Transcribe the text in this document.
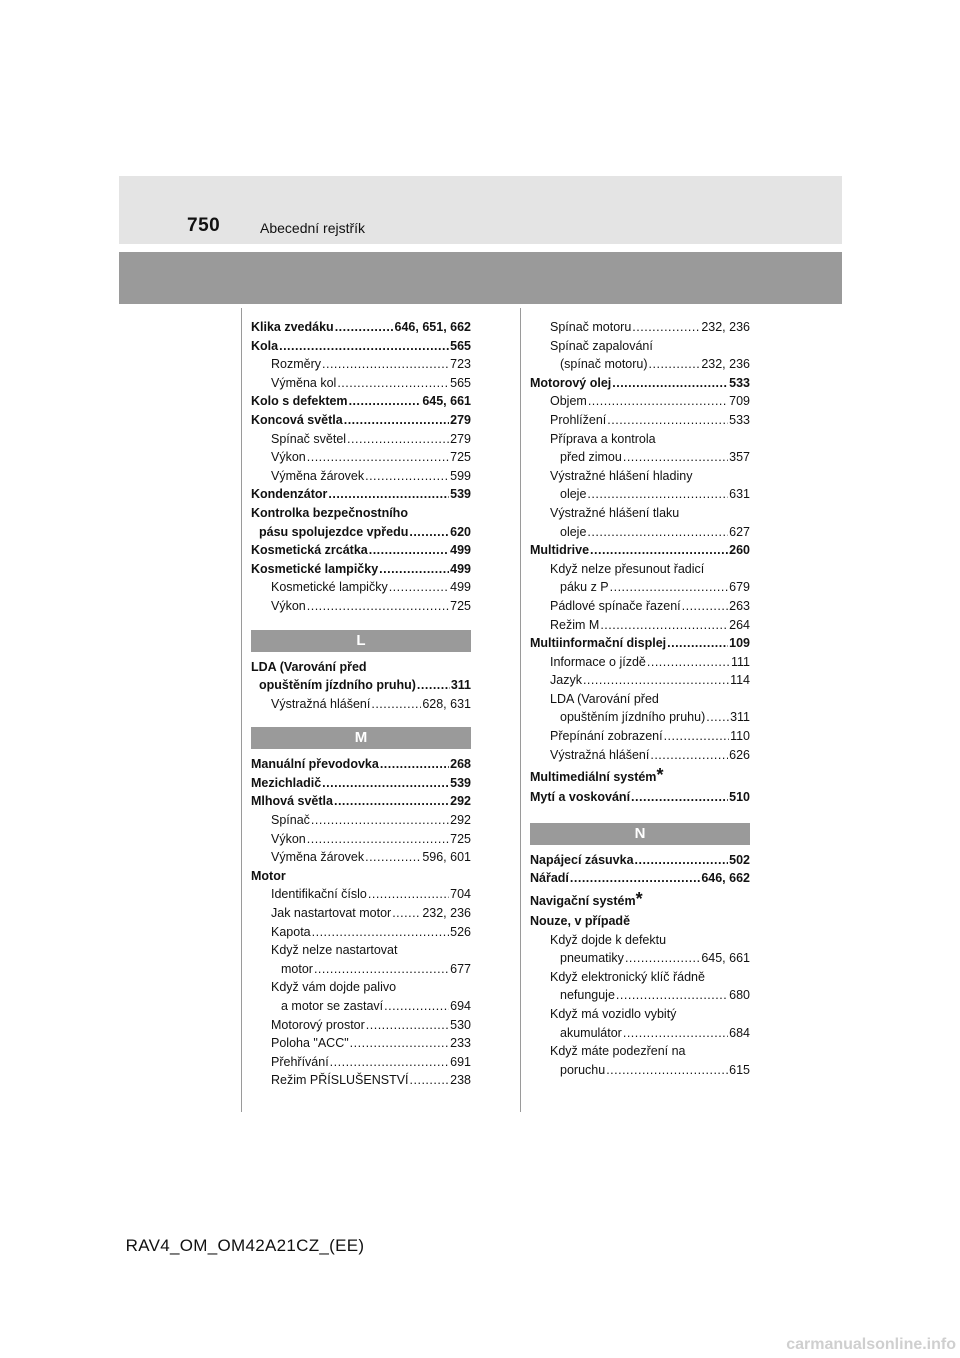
750	Abecední rejstřík
Klika zvedáku .....	646, 651, 662
Kola .....	565
Rozměry .....	723
Výměna kol .....	565
Kolo s defektem .....	645, 661
Koncová světla .....	279
Spínač světel .....	279
Výkon .....	725
Výměna žárovek .....	599
Kondenzátor .....	539
Kontrolka bezpečnostního
pásu spolujezdce vpředu .....	620
Kosmetická zrcátka .....	499
Kosmetické lampičky .....	499
Kosmetické lampičky .....	499
Výkon .....	725
L
LDA (Varování před
opuštěním jízdního pruhu) .....	311
Výstražná hlášení .....	628, 631
M
Manuální převodovka .....	268
Mezichladič .....	539
Mlhová světla .....	292
Spínač .....	292
Výkon .....	725
Výměna žárovek .....	596, 601
Motor
Identifikační číslo .....	704
Jak nastartovat motor ..... 232, 236
Kapota .....	526
Když nelze nastartovat
motor .....	677
Když vám dojde palivo
a motor se zastaví .....	694
Motorový prostor .....	530
Poloha "ACC" .....	233
Přehřívání .....	691
Režim PŘÍSLUŠENSTVÍ .....	238
Spínač motoru .....	232, 236
Spínač zapalování
(spínač motoru) .....	232, 236
Motorový olej .....	533
Objem .....	709
Prohlížení .....	533
Příprava a kontrola
před zimou .....	357
Výstražné hlášení hladiny
oleje .....	631
Výstražné hlášení tlaku
oleje .....	627
Multidrive .....	260
Když nelze přesunout řadicí
páku z P .....	679
Pádlové spínače řazení .....	263
Režim M .....	264
Multiinformační displej .....	109
Informace o jízdě .....	111
Jazyk .....	114
LDA (Varování před
opuštěním jízdního pruhu) ..... 311
Přepínání zobrazení .....	110
Výstražná hlášení .....	626
Multimediální systém *
Mytí a voskování .....	510
N
Napájecí zásuvka .....	502
Nářadí .....	646, 662
Navigační systém *
Nouze, v případě
Když dojde k defektu
pneumatiky .....	645, 661
Když elektronický klíč řádně
nefunguje .....	680
Když má vozidlo vybitý
akumulátor .....	684
Když máte podezření na
poruchu .....	615
RAV4_OM_OM42A21CZ_(EE)
carmanualsonline.info
